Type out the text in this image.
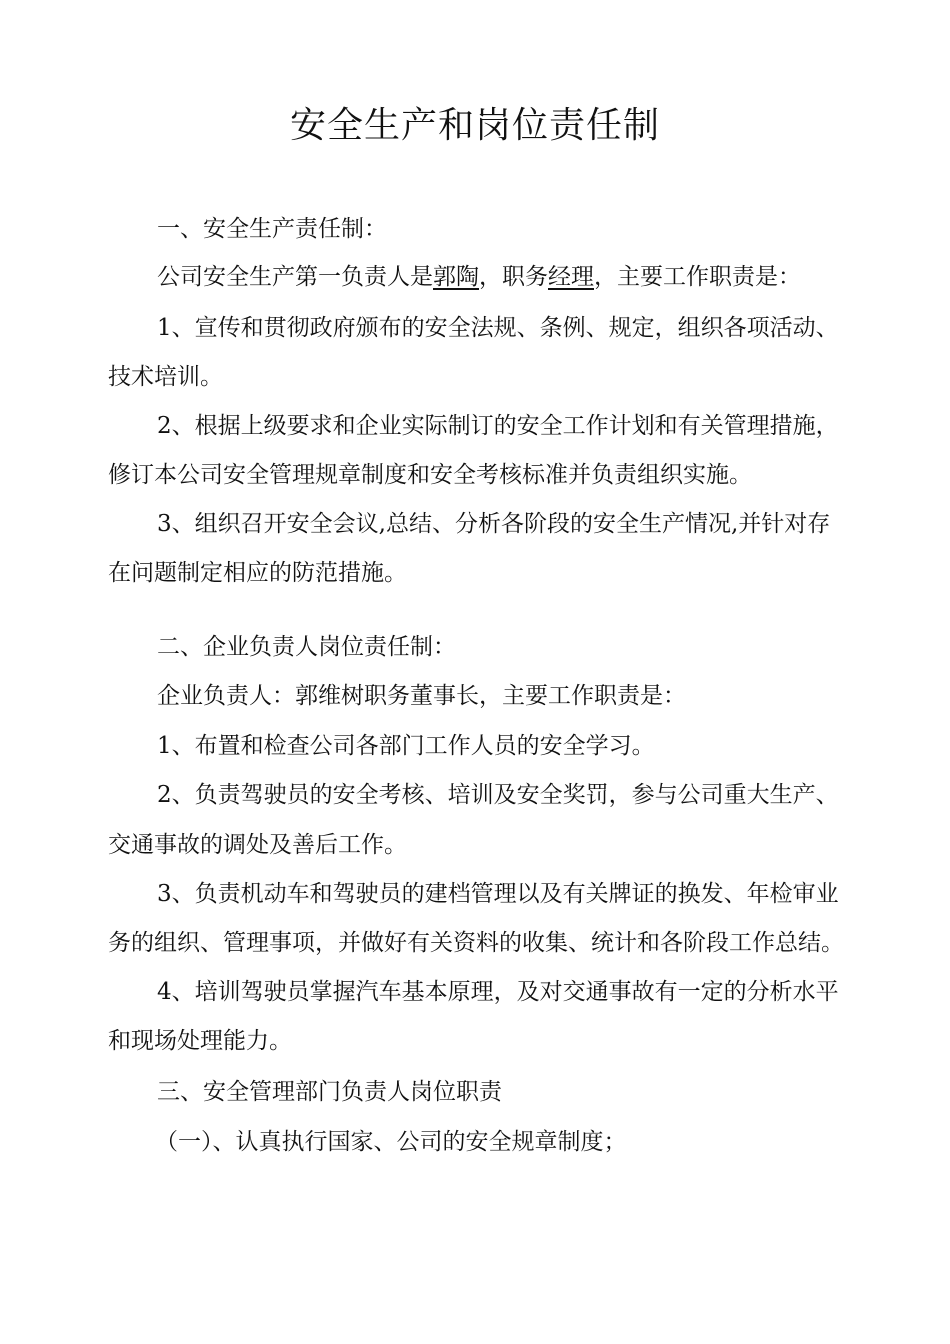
安全生产和岗位责任制
一、安全生产责任制：
公司安全生产第一负责人是郭陶，职务经理，主要工作职责是：
1、宣传和贯彻政府颁布的安全法规、条例、规定，组织各项活动、
技术培训。
2、根据上级要求和企业实际制订的安全工作计划和有关管理措施，
修订本公司安全管理规章制度和安全考核标准并负责组织实施。
3、组织召开安全会议,总结、分析各阶段的安全生产情况,并针对存
在问题制定相应的防范措施。
二、企业负责人岗位责任制：
企业负责人：郭维树职务董事长，主要工作职责是：
1、布置和检查公司各部门工作人员的安全学习。
2、负责驾驶员的安全考核、培训及安全奖罚，参与公司重大生产、
交通事故的调处及善后工作。
3、负责机动车和驾驶员的建档管理以及有关牌证的换发、年检审业
务的组织、管理事项，并做好有关资料的收集、统计和各阶段工作总结。
4、培训驾驶员掌握汽车基本原理，及对交通事故有一定的分析水平
和现场处理能力。
三、安全管理部门负责人岗位职责
（一）、认真执行国家、公司的安全规章制度；
